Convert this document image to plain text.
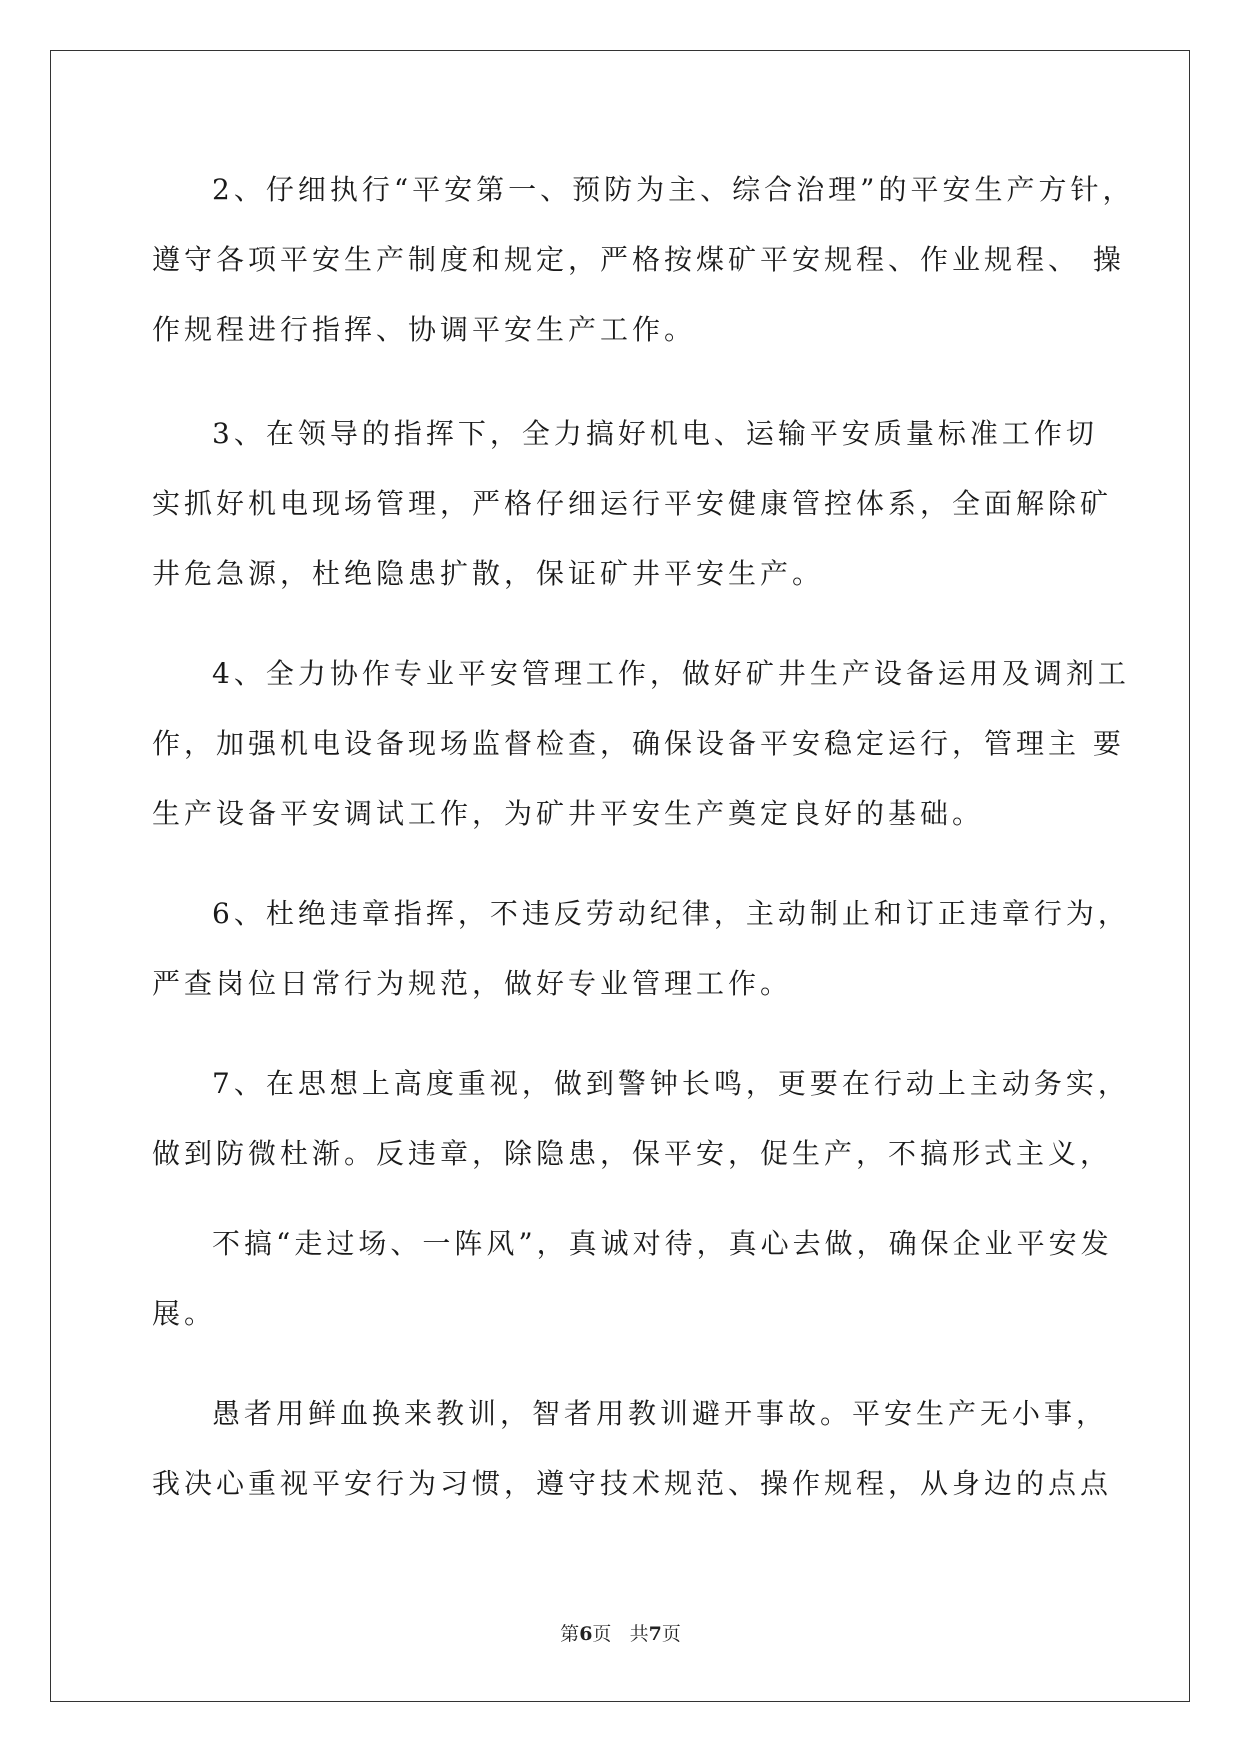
2、仔细执行“平安第一、预防为主、综合治理”的平安生产方针，
遵守各项平安生产制度和规定，严格按煤矿平安规程、作业规程、 操
作规程进行指挥、协调平安生产工作。
3、在领导的指挥下，全力搞好机电、运输平安质量标准工作切
实抓好机电现场管理，严格仔细运行平安健康管控体系，全面解除矿
井危急源，杜绝隐患扩散，保证矿井平安生产。
4、全力协作专业平安管理工作，做好矿井生产设备运用及调剂工
作，加强机电设备现场监督检查，确保设备平安稳定运行，管理主 要
生产设备平安调试工作，为矿井平安生产奠定良好的基础。
6、杜绝违章指挥，不违反劳动纪律，主动制止和订正违章行为，
严查岗位日常行为规范，做好专业管理工作。
7、在思想上高度重视，做到警钟长鸣，更要在行动上主动务实，
做到防微杜渐。反违章，除隐患，保平安，促生产，不搞形式主义，
不搞“走过场、一阵风”，真诚对待，真心去做，确保企业平安发
展。
愚者用鲜血换来教训，智者用教训避开事故。平安生产无小事，
我决心重视平安行为习惯，遵守技术规范、操作规程，从身边的点点
第6页 共7页
